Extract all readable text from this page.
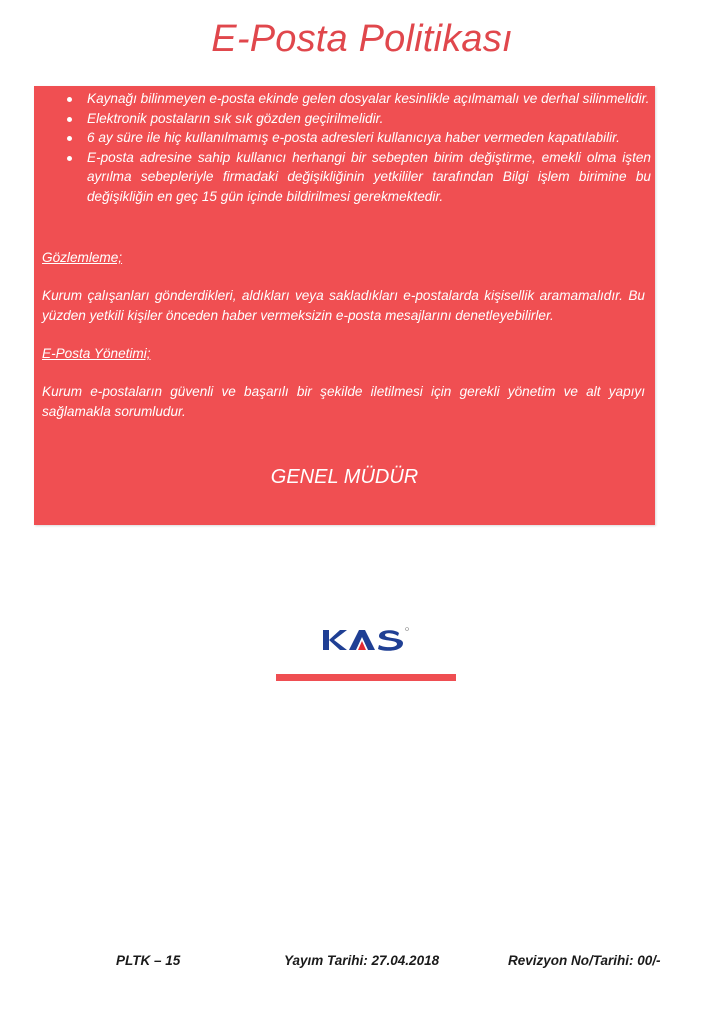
E-Posta Politikası
Kaynağı bilinmeyen e-posta ekinde gelen dosyalar kesinlikle açılmamalı ve derhal silinmelidir.
Elektronik postaların sık sık gözden geçirilmelidir.
6 ay süre ile hiç kullanılmamış e-posta adresleri kullanıcıya haber vermeden kapatılabilir.
E-posta adresine sahip kullanıcı herhangi bir sebepten birim değiştirme, emekli olma işten ayrılma sebepleriyle firmadaki değişikliğinin yetkililer tarafından Bilgi işlem birimine bu değişikliğin en geç 15 gün içinde bildirilmesi gerekmektedir.
Gözlemleme;
Kurum çalışanları gönderdikleri, aldıkları veya sakladıkları e-postalarda kişisellik aramamalıdır. Bu yüzden yetkili kişiler önceden haber vermeksizin e-posta mesajlarını denetleyebilirler.
E-Posta Yönetimi;
Kurum e-postaların güvenli ve başarılı bir şekilde iletilmesi için gerekli yönetim ve alt yapıyı sağlamakla sorumludur.
GENEL MÜDÜR
PLTK – 15	Yayım Tarihi: 27.04.2018	Revizyon No/Tarihi: 00/-
